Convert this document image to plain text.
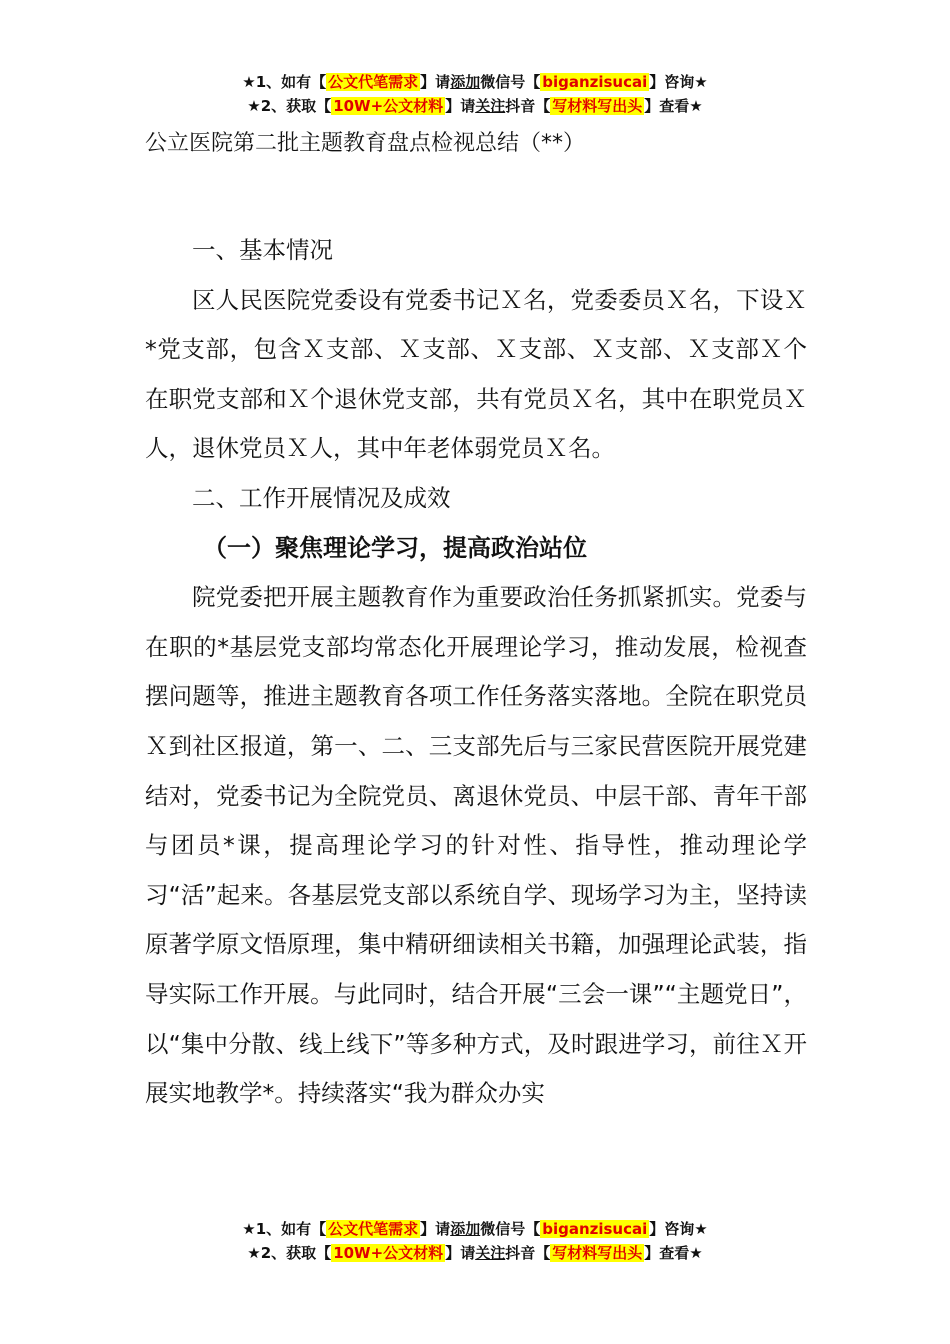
★1、如有【 公文代笔需求 】请添加微信号【 biganzisucai 】咨询★
★2、获取【 10W+公文材料 】请关注抖音【 写材料写出头 】查看★

公立医院第二批主题教育盘点检视总结（**）

一、基本情况

区人民医院党委设有党委书记Ｘ名，党委委员Ｘ名，下设Ｘ*党支部，包含Ｘ支部、Ｘ支部、Ｘ支部、Ｘ支部、Ｘ支部Ｘ个在职党支部和Ｘ个退休党支部，共有党员Ｘ名，其中在职党员Ｘ人，退休党员Ｘ人，其中年老体弱党员Ｘ名。

二、工作开展情况及成效

（一）聚焦理论学习，提高政治站位

院党委把开展主题教育作为重要政治任务抓紧抓实。党委与在职的*基层党支部均常态化开展理论学习，推动发展，检视查摆问题等，推进主题教育各项工作任务落实落地。全院在职党员Ｘ到社区报道，第一、二、三支部先后与三家民营医院开展党建结对，党委书记为全院党员、离退休党员、中层干部、青年干部与团员*课，提高理论学习的针对性、指导性，推动理论学习“活”起来。各基层党支部以系统自学、现场学习为主，坚持读原著学原文悟原理，集中精研细读相关书籍，加强理论武装，指导实际工作开展。与此同时，结合开展“三会一课”“主题党日”，以“集中分散、线上线下”等多种方式，及时跟进学习，前往Ｘ开展实地教学*。持续落实“我为群众办实

★1、如有【 公文代笔需求 】请添加微信号【 biganzisucai 】咨询★
★2、获取【 10W+公文材料 】请关注抖音【 写材料写出头 】查看★
